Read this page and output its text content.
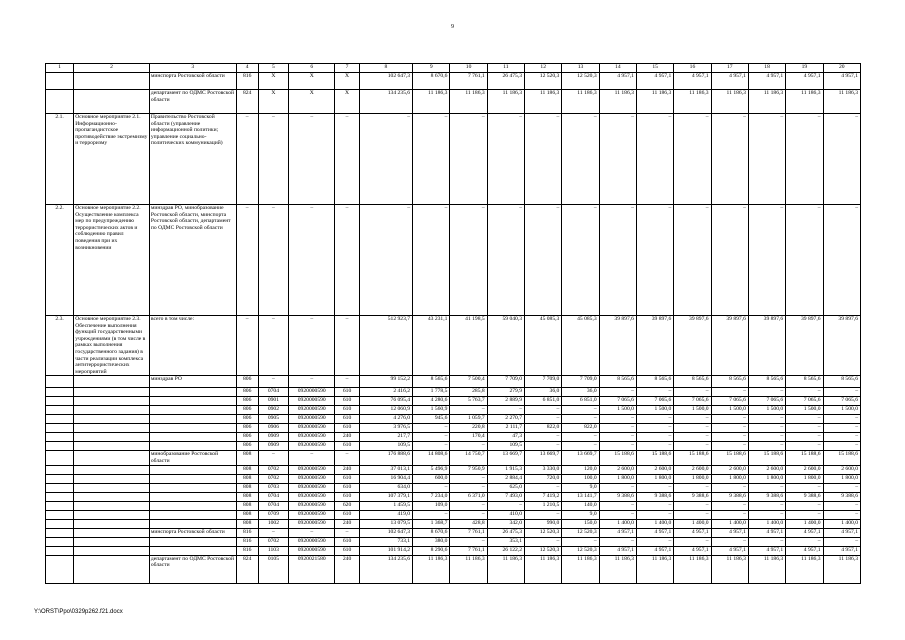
9
1	2	3	4	5	6	7	8	9	10	11	12	13	14	15	16	17	18	19	20
		минспорта Ростовской области	816	Х	Х	Х	102 647,3	8 670,6	7 761,1	26 475,3	12 520,3	12 520,3	4 957,1	4 957,1	4 957,1	4 957,1	4 957,1	4 957,1	4 957,1
		департамент по ОДМС Ростовской области	824	Х	Х	Х	134 235,6	11 186,3	11 186,3	11 186,3	11 186,3	11 186,3	11 186,3	11 186,3	11 186,3	11 186,3	11 186,3	11 186,3	11 186,3
2.1.	Основное мероприятие 2.1. Информационно-пропагандистское противодействие экстремизму и терроризму	Правительство Ростовской области (управление информационной политики; управление социально-политических коммуникаций)	–	–	–	–	–	–	–	–	–	–	–	–	–	–	–	–	–
2.2.	Основное мероприятие 2.2. Осуществление комплекса мер по предупреждению террористических актов и соблюдению правил поведения при их возникновении	минздрав РО, минобразование Ростовской области, минспорта Ростовской области, департамент по ОДМС Ростовской области	–	–	–	–	–	–	–	–	–	–	–	–	–	–	–	–	–
2.3.	Основное мероприятие 2.3. Обеспечение выполнения функций государственными учреждениями (в том числе в рамках выполнения государственного задания) в части реализации комплекса антитеррористических мероприятий	всего в том числе:	–	–	–	–	512 923,7	43 231,1	41 198,5	59 040,3	45 085,3	45 085,3	39 897,6	39 897,6	39 897,6	39 897,6	39 897,6	39 897,6	39 897,6
		минздрав РО	806	–	–	–	99 152,2	8 565,6	7 500,4	7 709,0	7 709,0	7 709,0	8 565,6	8 565,6	8 565,6	8 565,6	8 565,6	8 565,6	8 565,6
			806	0704	0920000590	610	2 416,2	1 778,5	285,8	279,9	36,0	36,0	–	–	–	–	–	–	–
			806	0901	0920000590	610	76 095,4	4 280,6	5 763,7	2 889,9	6 851,0	6 851,0	7 065,6	7 065,6	7 065,6	7 065,6	7 065,6	7 065,6	7 065,6
			806	0902	0920000590	610	12 060,9	1 560,9	–	–	–	–	1 500,0	1 500,0	1 500,0	1 500,0	1 500,0	1 500,0	1 500,0
			806	0905	0920000590	610	4 276,0	945,6	1 059,7	2 270,7	–	–	–	–	–	–	–	–	–
			806	0906	0920000590	610	3 976,5	–	220,8	2 111,7	822,0	822,0	–	–	–	–	–	–	–
			806	0909	0920000590	240	217,7	–	170,4	47,3	–	–	–	–	–	–	–	–	–
			806	0909	0920000590	610	109,5	–	–	109,5	–	–	–	–	–	–	–	–	–
		минобразование Ростовской области	808	–	–	–	176 888,6	14 808,6	14 750,7	13 669,7	13 669,7	13 669,7	15 188,6	15 188,6	15 188,6	15 188,6	15 188,6	15 188,6	15 188,6
			808	0702	0920000590	240	37 013,1	5 496,9	7 950,9	1 915,3	3 330,0	120,0	2 600,0	2 600,0	2 600,0	2 600,0	2 600,0	2 600,0	2 600,0
			808	0702	0920000590	610	16 904,4	600,0	–	2 884,4	720,0	100,0	1 800,0	1 800,0	1 800,0	1 800,0	1 800,0	1 800,0	1 800,0
			808	0703	0920000590	610	634,0	–	–	625,0	–	9,0	–	–	–	–	–	–	–
			808	0704	0920000590	610	107 379,1	7 234,0	6 371,0	7 493,0	7 419,2	13 141,7	9 388,6	9 388,6	9 388,6	9 388,6	9 388,6	9 388,6	9 388,6
			808	0704	0920000590	620	1 459,5	109,0	–	–	1 210,5	140,0	–	–	–	–	–	–	–
			808	0709	0920000590	610	419,0	–	–	410,0	–	9,0	–	–	–	–	–	–	–
			808	1002	0920000590	240	13 079,5	1 368,7	428,8	342,0	990,0	150,0	1 400,0	1 400,0	1 400,0	1 400,0	1 400,0	1 400,0	1 400,0
		минспорта Ростовской области	816	–	–	–	102 647,3	8 670,6	7 761,1	26 475,3	12 520,3	12 520,3	4 957,1	4 957,1	4 957,1	4 957,1	4 957,1	4 957,1	4 957,1
			816	0702	0920000590	610	733,1	380,0	–	353,1	–	–	–	–	–	–	–	–	–
			816	1103	0920000590	610	101 914,2	8 290,6	7 761,1	26 122,2	12 520,3	12 520,3	4 957,1	4 957,1	4 957,1	4 957,1	4 957,1	4 957,1	4 957,1
		департамент по ОДМС Ростовской области	824	0105	0920021580	240	134 235,6	11 186,3	11 186,3	11 186,3	11 186,3	11 186,3	11 186,3	11 186,3	11 186,3	11 186,3	11 186,3	11 186,3	11 186,3
Y:\ORST\Ppo\0329p262.f21.docx
